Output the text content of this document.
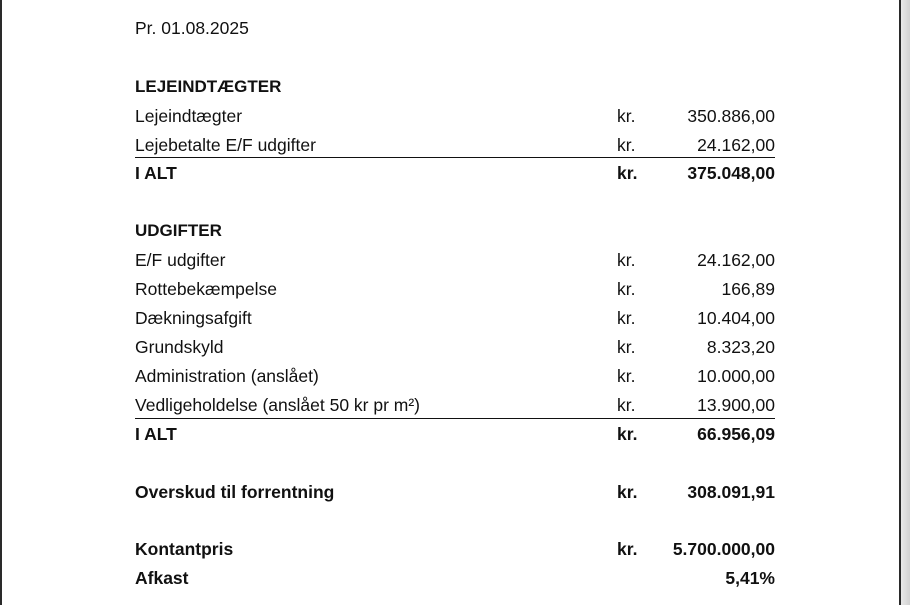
Pr. 01.08.2025
LEJEINDTÆGTER
Lejeindtægter	kr.	350.886,00
Lejebetalte E/F udgifter	kr.	24.162,00
I ALT	kr.	375.048,00
UDGIFTER
E/F udgifter	kr.	24.162,00
Rottebekæmpelse	kr.	166,89
Dækningsafgift	kr.	10.404,00
Grundskyld	kr.	8.323,20
Administration (anslået)	kr.	10.000,00
Vedligeholdelse (anslået 50 kr pr m²)	kr.	13.900,00
I ALT	kr.	66.956,09
Overskud til forrentning	kr.	308.091,91
Kontantpris	kr. 5.700.000,00
Afkast	5,41%
